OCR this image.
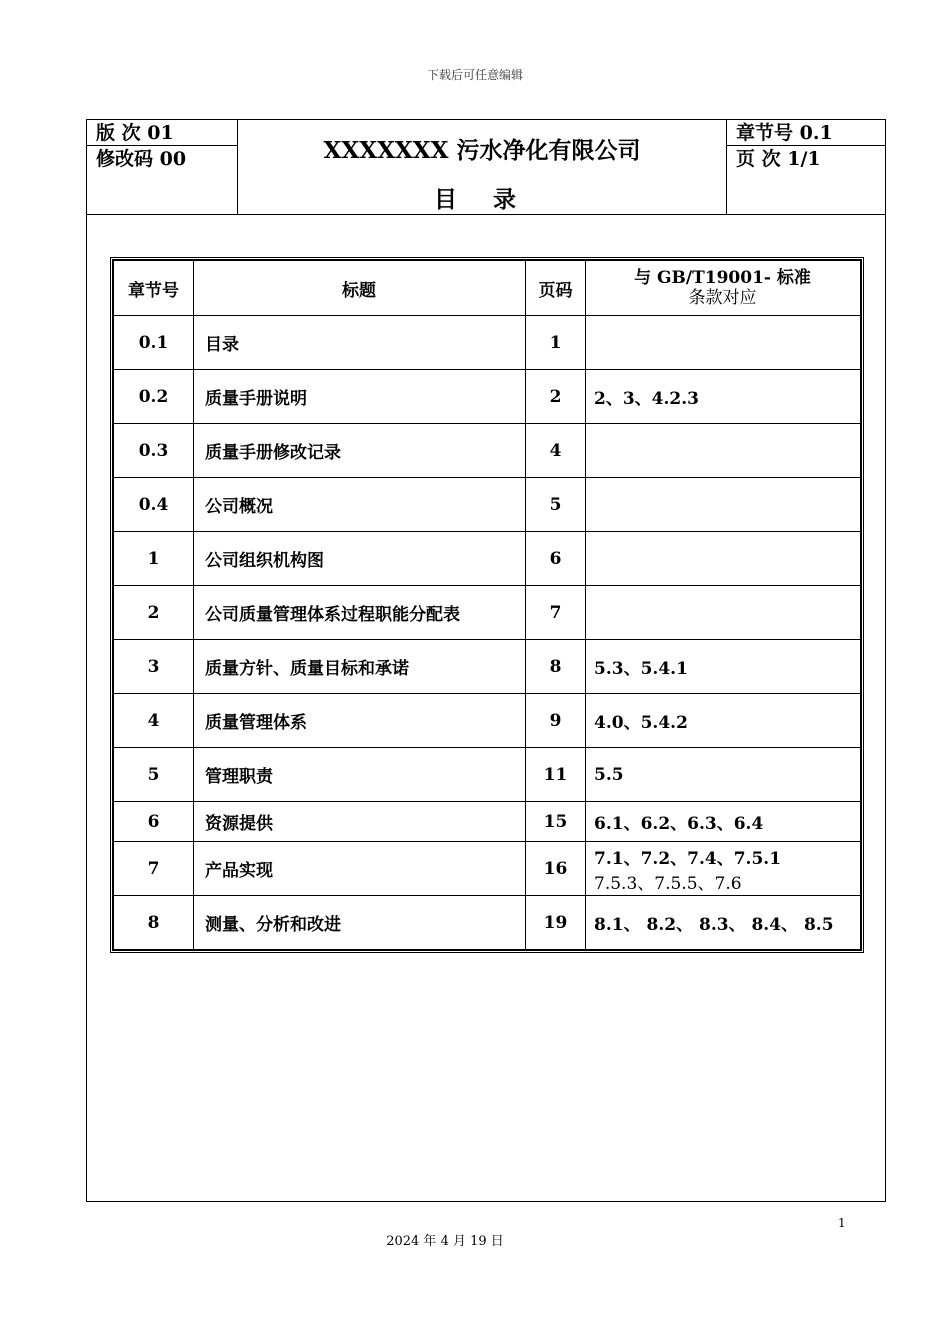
下载后可任意编辑
版 次 01
修改码 00	XXXXXXX 污水净化有限公司
目 录
章节号 0.1
页 次 1/1
章节号	标题	页码	与 GB/T19001- 标准
条款对应
0.1	目录	1	
0.2	质量手册说明	2	2、3、4.2.3
0.3	质量手册修改记录	4	
0.4	公司概况	5	
1	公司组织机构图	6	
2	公司质量管理体系过程职能分配表	7	
3	质量方针、质量目标和承诺	8	5.3、5.4.1
4	质量管理体系	9	4.0、5.4.2
5	管理职责	11	5.5
6	资源提供	15	6.1、6.2、6.3、6.4
7	产品实现	16	7.1、7.2、7.4、7.5.1
7.5.3、7.5.5、7.6

8	测量、分析和改进	19	8.1、 8.2、 8.3、 8.4、 8.5
1
2024 年 4 月 19 日
